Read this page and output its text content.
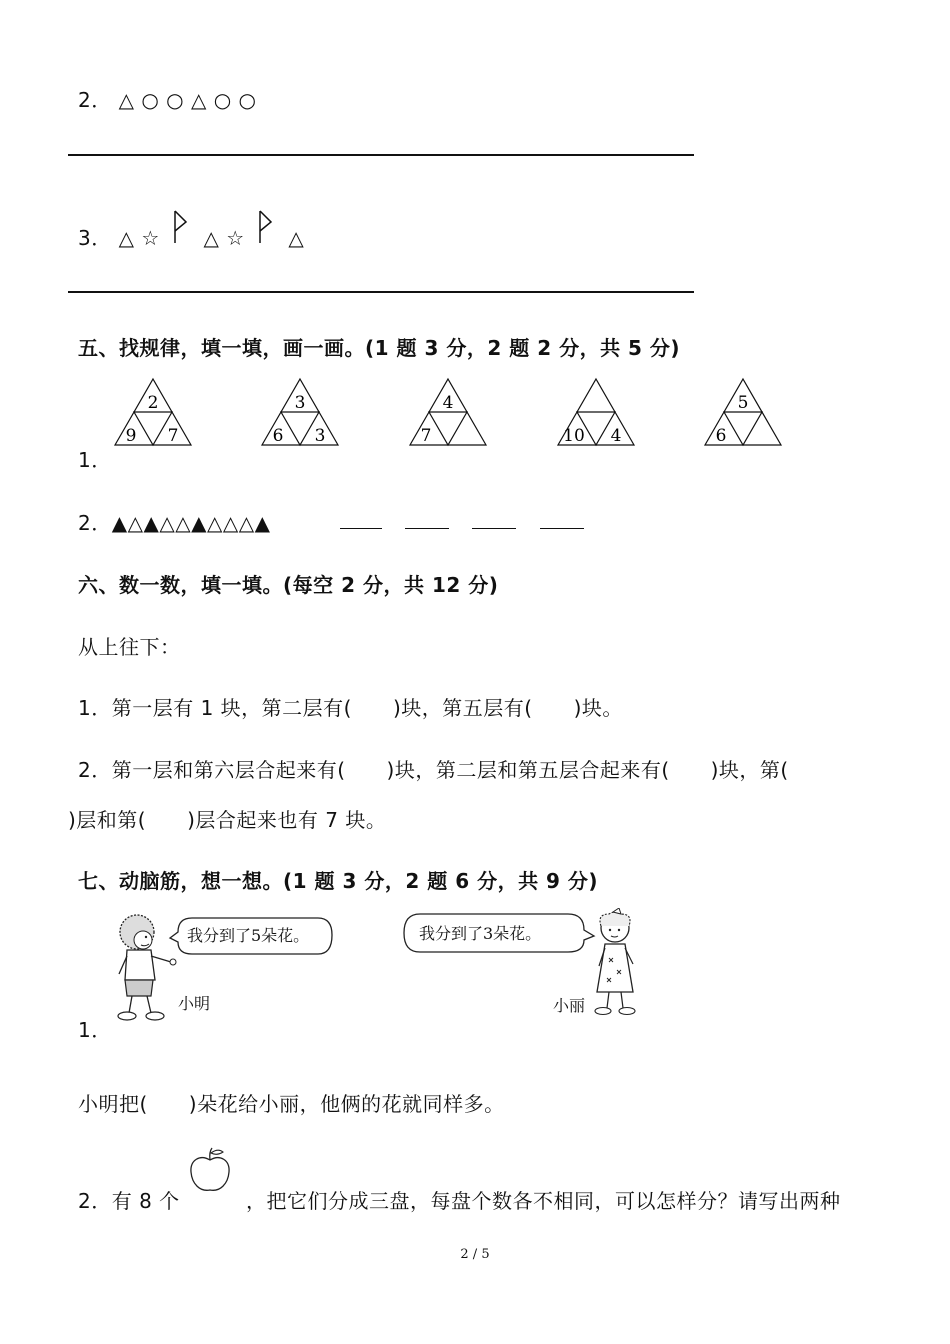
2． △ ○ ○ △ ○ ○
3． △ ☆ △ ☆ △
五、找规律，填一填，画一画。(1 题 3 分，2 题 2 分，共 5 分)
2
9 7
3
6 3
4
7	10 4
5
6
1．
2．▲△▲△△▲△△△▲
六、数一数，填一填。(每空 2 分，共 12 分)
从上往下：
1．第一层有 1 块，第二层有(　　)块，第五层有(　　)块。
2．第一层和第六层合起来有(　　)块，第二层和第五层合起来有(　　)块，第(
)层和第(　　)层合起来也有 7 块。
七、动脑筋，想一想。(1 题 3 分，2 题 6 分，共 9 分)
我分到了5朵花。
小明
我分到了3朵花。
小丽
1．
小明把(　　)朵花给小丽，他俩的花就同样多。
2．有 8 个	，把它们分成三盘，每盘个数各不相同，可以怎样分？请写出两种
2 / 5
